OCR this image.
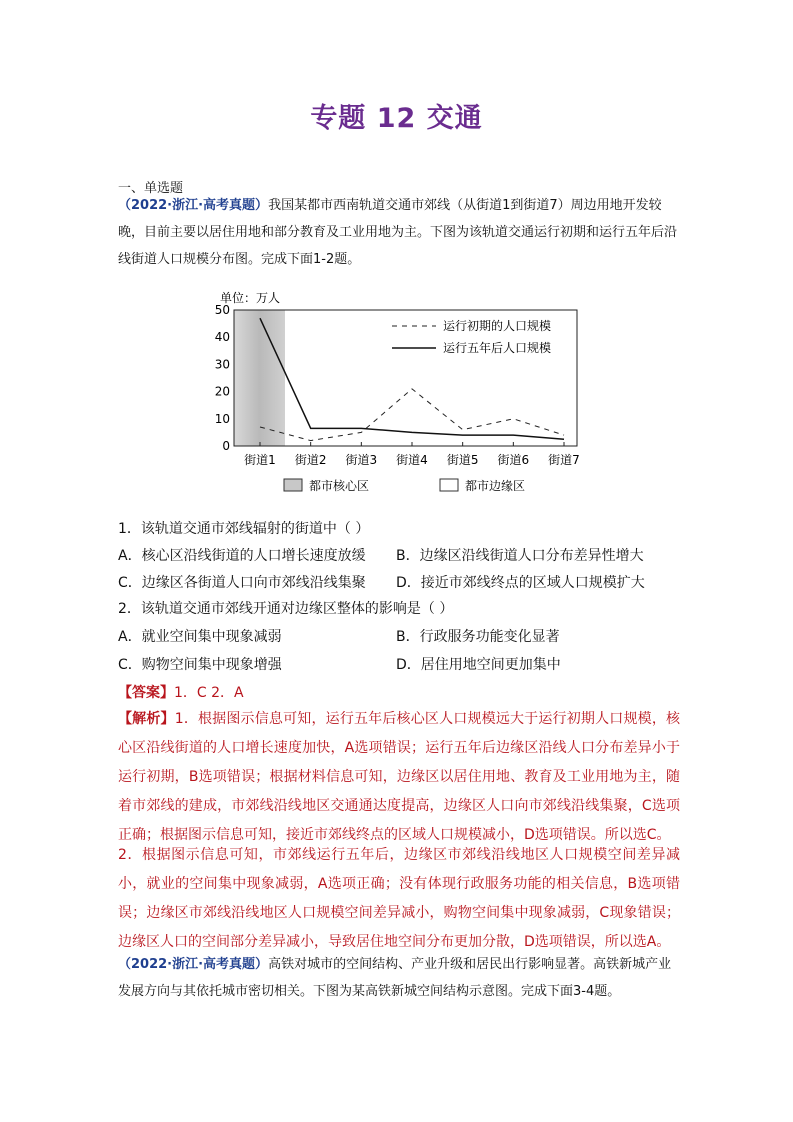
专题 12 交通
一、单选题
（2022·浙江·高考真题）我国某都市西南轨道交通市郊线（从街道1到街道7）周边用地开发较晚，目前主要以居住用地和部分教育及工业用地为主。下图为该轨道交通运行初期和运行五年后沿线街道人口规模分布图。完成下面1-2题。
单位：万人
0
10
20
30
40
50
街道1 街道2 街道3 街道4 街道5 街道6 街道7
运行初期的人口规模
运行五年后人口规模
都市核心区	都市边缘区
1．该轨道交通市郊线辐射的街道中（ ）
A．核心区沿线街道的人口增长速度放缓 B．边缘区沿线街道人口分布差异性增大
C．边缘区各街道人口向市郊线沿线集聚 D．接近市郊线终点的区域人口规模扩大
2．该轨道交通市郊线开通对边缘区整体的影响是（ ）
A．就业空间集中现象减弱	B．行政服务功能变化显著
C．购物空间集中现象增强	D．居住用地空间更加集中
【答案】1．C 2．A
【解析】1．根据图示信息可知，运行五年后核心区人口规模远大于运行初期人口规模，核心区沿线街道的人口增长速度加快，A选项错误；运行五年后边缘区沿线人口分布差异小于运行初期，B选项错误；根据材料信息可知，边缘区以居住用地、教育及工业用地为主，随着市郊线的建成，市郊线沿线地区交通通达度提高，边缘区人口向市郊线沿线集聚，C选项正确；根据图示信息可知，接近市郊线终点的区域人口规模减小，D选项错误。所以选C。
2．根据图示信息可知，市郊线运行五年后，边缘区市郊线沿线地区人口规模空间差异减小，就业的空间集中现象减弱，A选项正确；没有体现行政服务功能的相关信息，B选项错误；边缘区市郊线沿线地区人口规模空间差异减小，购物空间集中现象减弱，C现象错误；边缘区人口的空间部分差异减小，导致居住地空间分布更加分散，D选项错误，所以选A。
（2022·浙江·高考真题）高铁对城市的空间结构、产业升级和居民出行影响显著。高铁新城产业发展方向与其依托城市密切相关。下图为某高铁新城空间结构示意图。完成下面3-4题。
